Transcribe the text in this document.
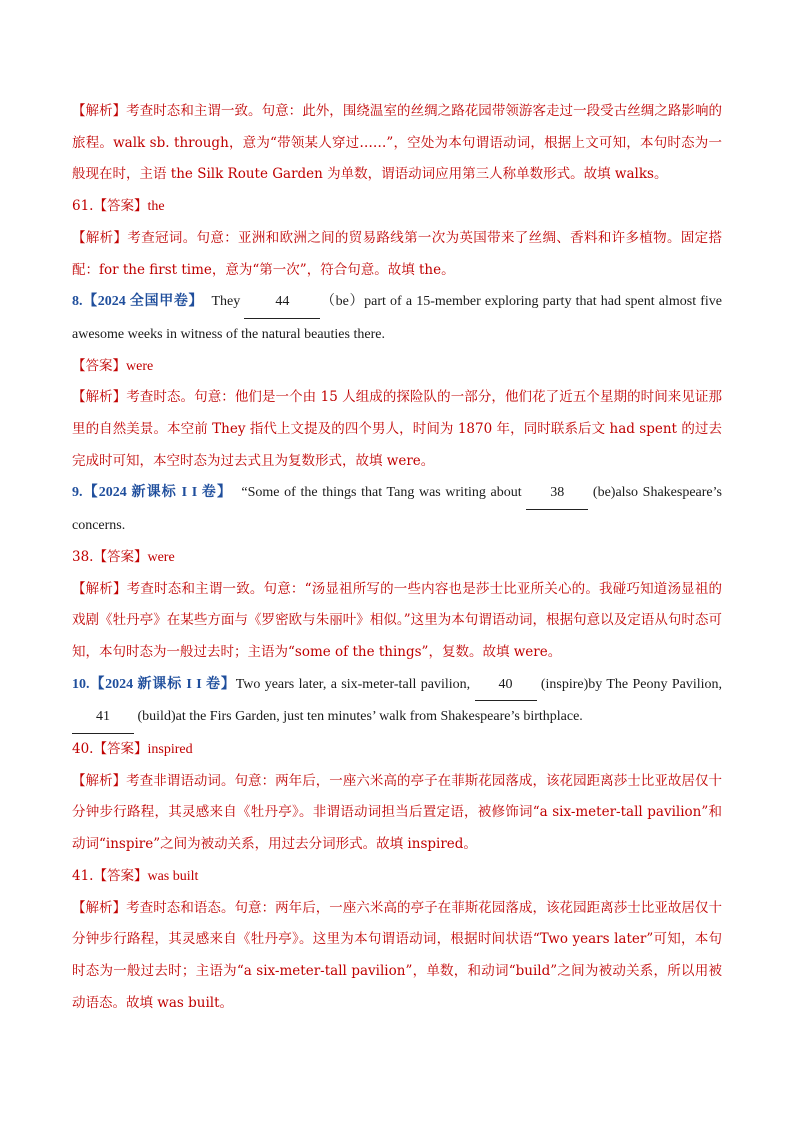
【解析】考查时态和主谓一致。句意：此外，围绕温室的丝绸之路花园带领游客走过一段受古丝绸之路影响的旅程。walk sb. through，意为“带领某人穿过……”，空处为本句谓语动词，根据上文可知，本句时态为一般现在时，主语 the Silk Route Garden 为单数，谓语动词应用第三人称单数形式。故填 walks。

61.【答案】the

【解析】考查冠词。句意：亚洲和欧洲之间的贸易路线第一次为英国带来了丝绸、香料和许多植物。固定搭配：for the first time，意为“第一次”，符合句意。故填 the。

8.【2024 全国甲卷】 They 44 （be）part of a 15-member exploring party that had spent almost five awesome weeks in witness of the natural beauties there.

【答案】were

【解析】考查时态。句意：他们是一个由 15 人组成的探险队的一部分，他们花了近五个星期的时间来见证那里的自然美景。本空前 They 指代上文提及的四个男人，时间为 1870 年，同时联系后文 had spent 的过去完成时可知，本空时态为过去式且为复数形式，故填 were。

9.【2024 新课标 I I 卷】 “Some of the things that Tang was writing about 38 (be)also Shakespeare’s concerns.

38.【答案】were

【解析】考查时态和主谓一致。句意：“汤显祖所写的一些内容也是莎士比亚所关心的。我碰巧知道汤显祖的戏剧《牡丹亭》在某些方面与《罗密欧与朱丽叶》相似。”这里为本句谓语动词，根据句意以及定语从句时态可知，本句时态为一般过去时；主语为“some of the things”，复数。故填 were。

10.【2024 新课标 I I 卷】Two years later, a six-meter-tall pavilion, 40 (inspire)by The Peony Pavilion, 41 (build)at the Firs Garden, just ten minutes’ walk from Shakespeare’s birthplace.

40.【答案】inspired

【解析】考查非谓语动词。句意：两年后，一座六米高的亭子在菲斯花园落成，该花园距离莎士比亚故居仅十分钟步行路程，其灵感来自《牡丹亭》。非谓语动词担当后置定语，被修饰词“a six-meter-tall pavilion”和动词“inspire”之间为被动关系，用过去分词形式。故填 inspired。

41.【答案】was built

【解析】考查时态和语态。句意：两年后，一座六米高的亭子在菲斯花园落成，该花园距离莎士比亚故居仅十分钟步行路程，其灵感来自《牡丹亭》。这里为本句谓语动词，根据时间状语“Two years later”可知，本句时态为一般过去时；主语为“a six-meter-tall pavilion”，单数，和动词“build”之间为被动关系，所以用被动语态。故填 was built。
